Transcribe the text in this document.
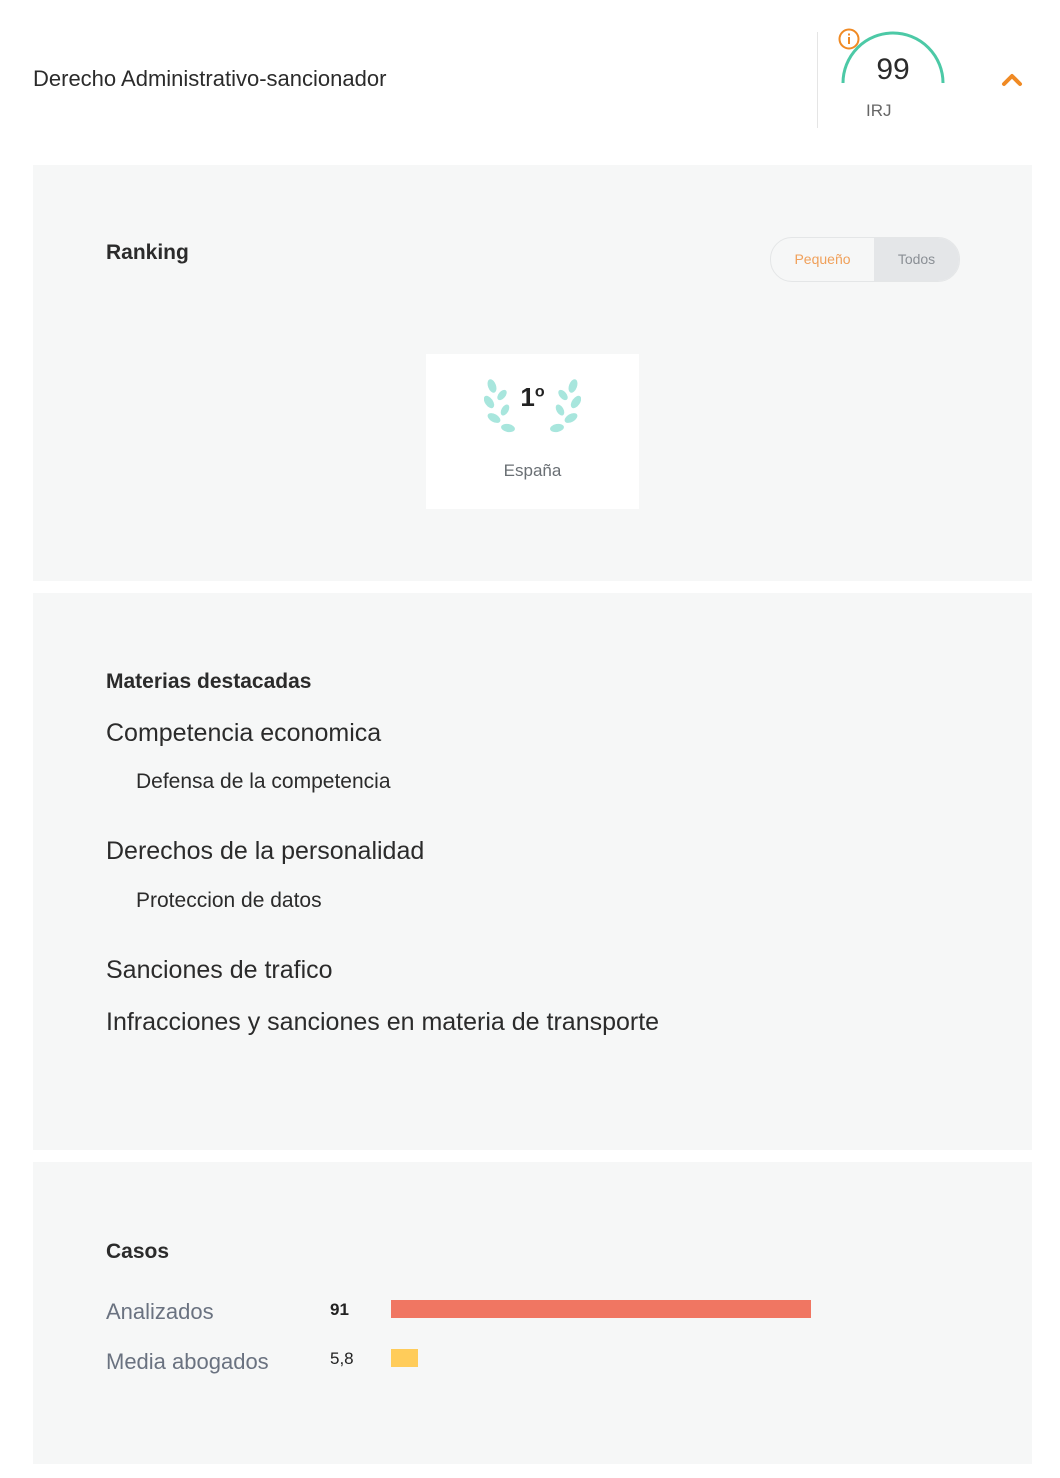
Derecho Administrativo-sancionador	99
IRJ
Ranking	Pequeño	Todos
1$^o$
España
Materias destacadas
Competencia economica
Defensa de la competencia
Derechos de la personalidad
Proteccion de datos
Sanciones de trafico
Infracciones y sanciones en materia de transporte
Casos
Analizados	91
Media abogados	5,8
